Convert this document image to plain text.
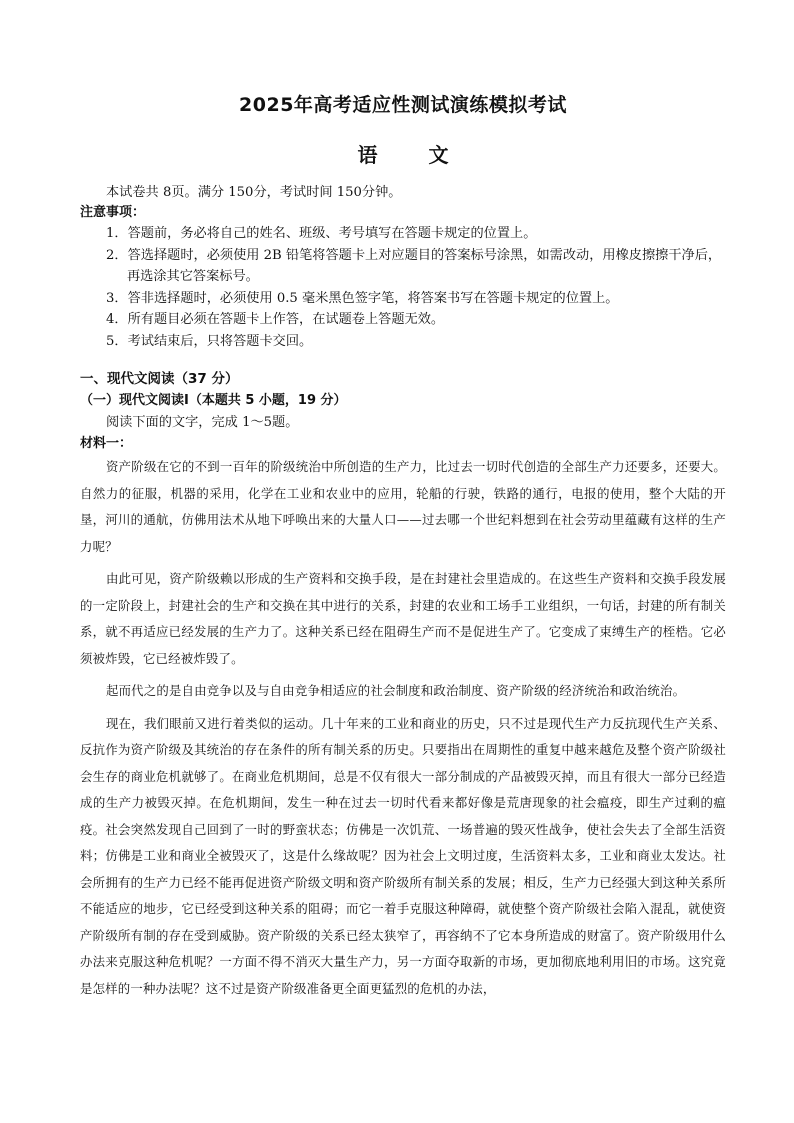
2025年高考适应性测试演练模拟考试
语 文
本试卷共 8页。满分 150分，考试时间 150分钟。
注意事项：
1．答题前，务必将自己的姓名、班级、考号填写在答题卡规定的位置上。
2．答选择题时，必须使用 2B 铅笔将答题卡上对应题目的答案标号涂黑，如需改动，用橡皮擦擦干净后，再选涂其它答案标号。
3．答非选择题时，必须使用 0.5 毫米黑色签字笔，将答案书写在答题卡规定的位置上。
4．所有题目必须在答题卡上作答，在试题卷上答题无效。
5．考试结束后，只将答题卡交回。
一、现代文阅读（37 分）
（一）现代文阅读Ⅰ（本题共 5 小题，19 分）
阅读下面的文字，完成 1～5题。
材料一：

资产阶级在它的不到一百年的阶级统治中所创造的生产力，比过去一切时代创造的全部生产力还要多，还要大。自然力的征服，机器的采用，化学在工业和农业中的应用，轮船的行驶，铁路的通行，电报的使用，整个大陆的开垦，河川的通航，仿佛用法术从地下呼唤出来的大量人口——过去哪一个世纪料想到在社会劳动里蕴藏有这样的生产力呢？

由此可见，资产阶级赖以形成的生产资料和交换手段，是在封建社会里造成的。在这些生产资料和交换手段发展的一定阶段上，封建社会的生产和交换在其中进行的关系，封建的农业和工场手工业组织，一句话，封建的所有制关系，就不再适应已经发展的生产力了。这种关系已经在阻碍生产而不是促进生产了。它变成了束缚生产的桎梏。它必须被炸毁，它已经被炸毁了。

起而代之的是自由竞争以及与自由竞争相适应的社会制度和政治制度、资产阶级的经济统治和政治统治。

现在，我们眼前又进行着类似的运动。几十年来的工业和商业的历史，只不过是现代生产力反抗现代生产关系、反抗作为资产阶级及其统治的存在条件的所有制关系的历史。只要指出在周期性的重复中越来越危及整个资产阶级社会生存的商业危机就够了。在商业危机期间，总是不仅有很大一部分制成的产品被毁灭掉，而且有很大一部分已经造成的生产力被毁灭掉。在危机期间，发生一种在过去一切时代看来都好像是荒唐现象的社会瘟疫，即生产过剩的瘟疫。社会突然发现自己回到了一时的野蛮状态；仿佛是一次饥荒、一场普遍的毁灭性战争，使社会失去了全部生活资料；仿佛是工业和商业全被毁灭了，这是什么缘故呢？因为社会上文明过度，生活资料太多，工业和商业太发达。社会所拥有的生产力已经不能再促进资产阶级文明和资产阶级所有制关系的发展；相反，生产力已经强大到这种关系所不能适应的地步，它已经受到这种关系的阻碍；而它一着手克服这种障碍，就使整个资产阶级社会陷入混乱，就使资产阶级所有制的存在受到威胁。资产阶级的关系已经太狭窄了，再容纳不了它本身所造成的财富了。资产阶级用什么办法来克服这种危机呢？一方面不得不消灭大量生产力，另一方面夺取新的市场，更加彻底地利用旧的市场。这究竟是怎样的一种办法呢？这不过是资产阶级准备更全面更猛烈的危机的办法，
